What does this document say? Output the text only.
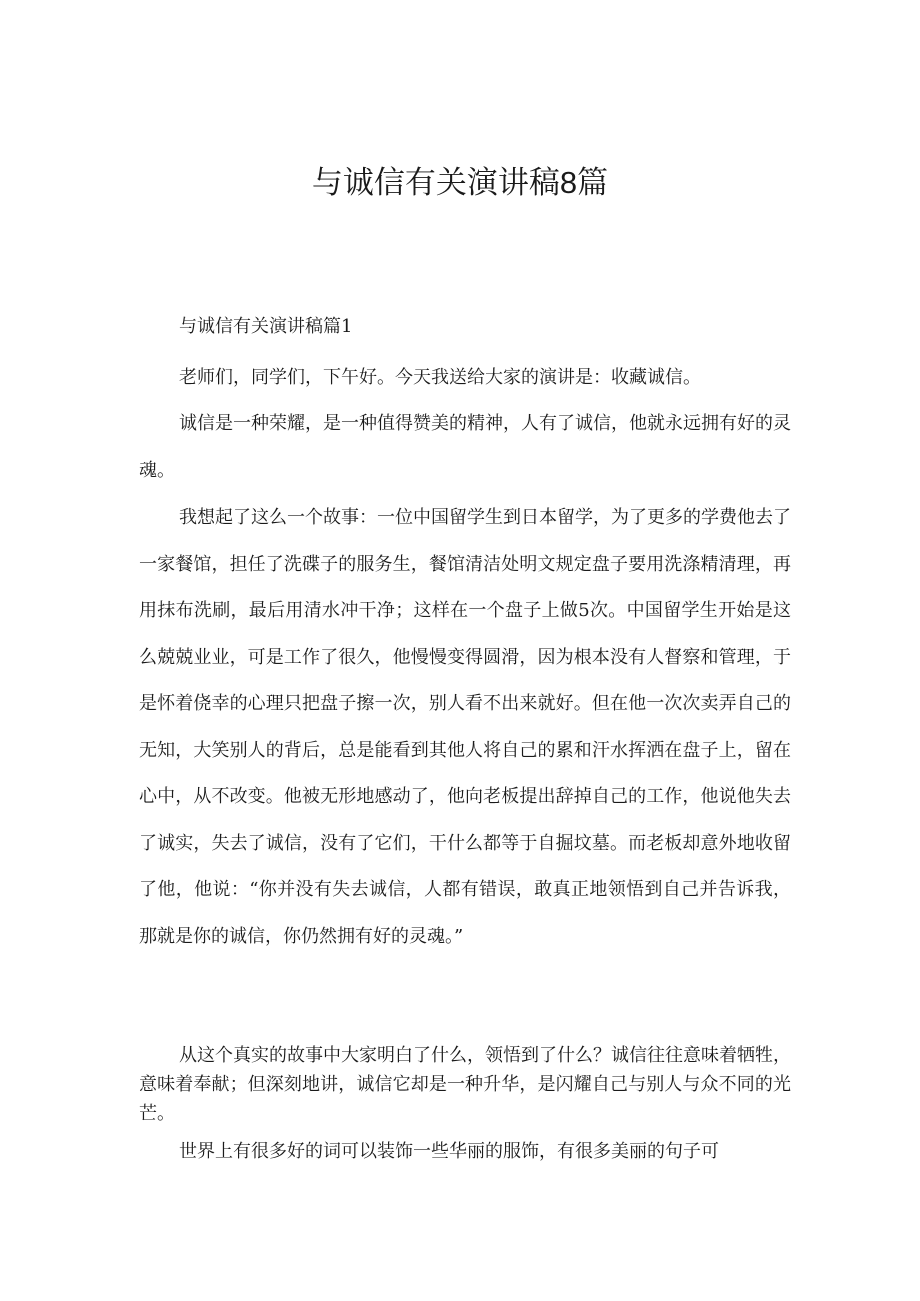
与诚信有关演讲稿8篇

与诚信有关演讲稿篇1

老师们，同学们，下午好。今天我送给大家的演讲是：收藏诚信。

诚信是一种荣耀，是一种值得赞美的精神，人有了诚信，他就永远拥有好的灵魂。

我想起了这么一个故事：一位中国留学生到日本留学，为了更多的学费他去了一家餐馆，担任了洗碟子的服务生，餐馆清洁处明文规定盘子要用洗涤精清理，再用抹布洗刷，最后用清水冲干净；这样在一个盘子上做5次。中国留学生开始是这么兢兢业业，可是工作了很久，他慢慢变得圆滑，因为根本没有人督察和管理，于是怀着侥幸的心理只把盘子擦一次，别人看不出来就好。但在他一次次卖弄自己的无知，大笑别人的背后，总是能看到其他人将自己的累和汗水挥洒在盘子上，留在心中，从不改变。他被无形地感动了，他向老板提出辞掉自己的工作，他说他失去了诚实，失去了诚信，没有了它们，干什么都等于自掘坟墓。而老板却意外地收留了他，他说：“你并没有失去诚信，人都有错误，敢真正地领悟到自己并告诉我，那就是你的诚信，你仍然拥有好的灵魂。”

从这个真实的故事中大家明白了什么，领悟到了什么？诚信往往意味着牺牲，意味着奉献；但深刻地讲，诚信它却是一种升华，是闪耀自己与别人与众不同的光芒。

世界上有很多好的词可以装饰一些华丽的服饰，有很多美丽的句子可
